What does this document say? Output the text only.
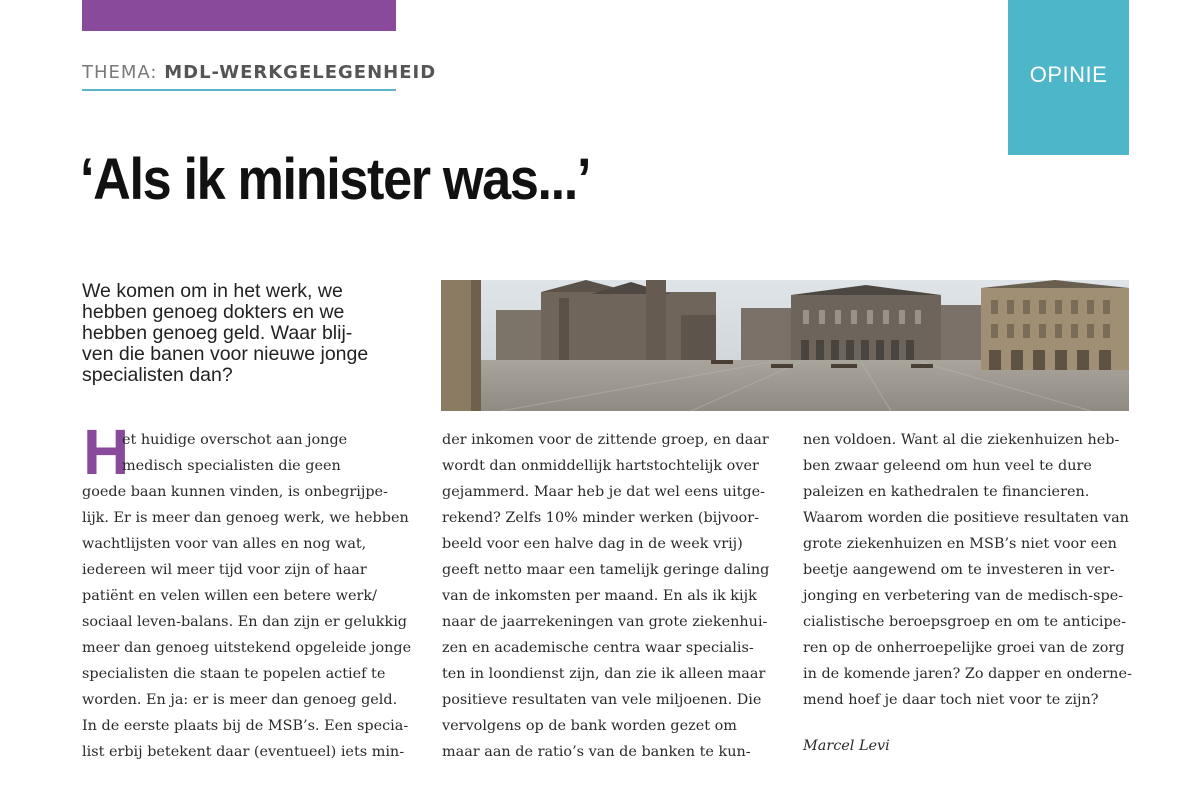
THEMA: MDL-WERKGELEGENHEID	OPINIE
‘Als ik minister was...’
We komen om in het werk, we
hebben genoeg dokters en we
hebben genoeg geld. Waar blij-
ven die banen voor nieuwe jonge
specialisten dan?
H
et huidige overschot aan jonge
medisch specialisten die geen
goede baan kunnen vinden, is onbegrijpe-
lijk. Er is meer dan genoeg werk, we hebben
wachtlijsten voor van alles en nog wat,
iedereen wil meer tijd voor zijn of haar
patiënt en velen willen een betere werk/
sociaal leven-balans. En dan zijn er gelukkig
meer dan genoeg uitstekend opgeleide jonge
specialisten die staan te popelen actief te
worden. En ja: er is meer dan genoeg geld.
In de eerste plaats bij de MSB’s. Een specia-
list erbij betekent daar (eventueel) iets min-
der inkomen voor de zittende groep, en daar
wordt dan onmiddellijk hartstochtelijk over
gejammerd. Maar heb je dat wel eens uitge-
rekend? Zelfs 10% minder werken (bijvoor-
beeld voor een halve dag in de week vrij)
geeft netto maar een tamelijk geringe daling
van de inkomsten per maand. En als ik kijk
naar de jaarrekeningen van grote ziekenhui-
zen en academische centra waar specialis-
ten in loondienst zijn, dan zie ik alleen maar
positieve resultaten van vele miljoenen. Die
vervolgens op de bank worden gezet om
maar aan de ratio’s van de banken te kun-
nen voldoen. Want al die ziekenhuizen heb-
ben zwaar geleend om hun veel te dure
paleizen en kathedralen te financieren.
Waarom worden die positieve resultaten van
grote ziekenhuizen en MSB’s niet voor een
beetje aangewend om te investeren in ver-
jonging en verbetering van de medisch-spe-
cialistische beroepsgroep en om te anticipe-
ren op de onherroepelijke groei van de zorg
in de komende jaren? Zo dapper en onderne-
mend hoef je daar toch niet voor te zijn?
Marcel Levi
